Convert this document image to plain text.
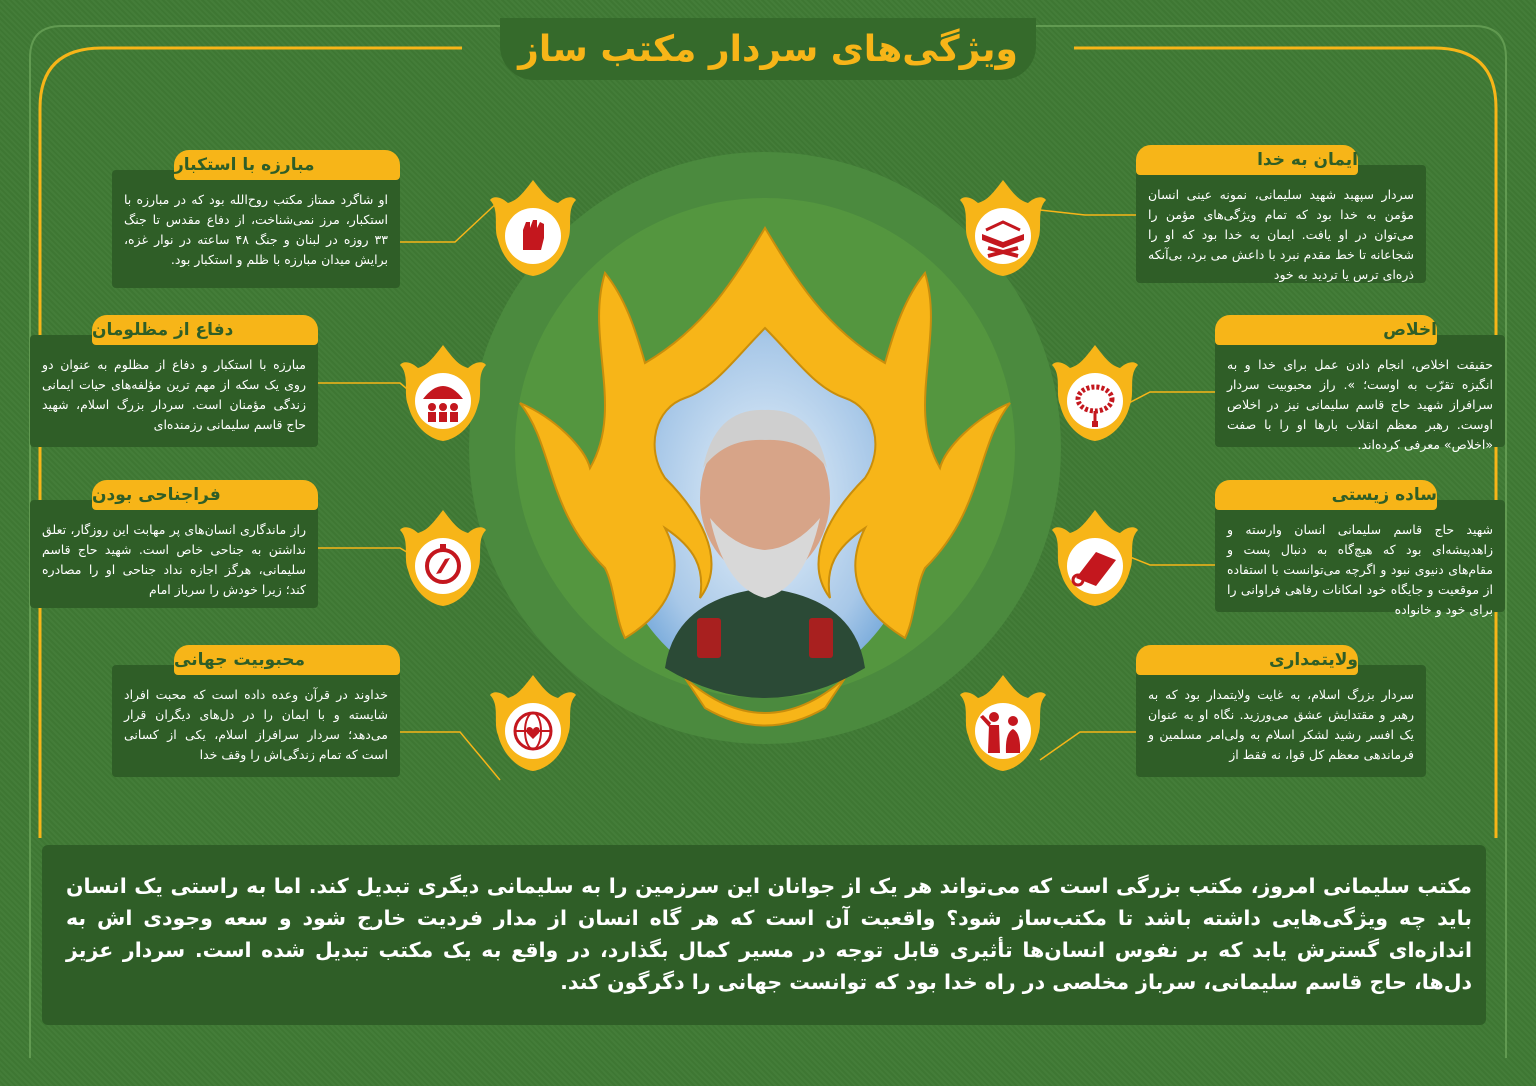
ویژگی‌های سردار مکتب ساز
مبارزه با استکبار
او شاگرد ممتاز مکتب روح‌الله بود که در مبارزه با استکبار، مرز نمی‌شناخت، از دفاع مقدس تا جنگ ۳۳ روزه در لبنان و جنگ ۴۸ ساعته در نوار غزه، برایش میدان مبارزه با ظلم و استکبار بود.
دفاع از مظلومان
مبارزه با استکبار و دفاع از مظلوم به عنوان دو روی یک سکه از مهم ترین مؤلفه‌های حیات ایمانی زندگی مؤمنان است. سردار بزرگ اسلام، شهید حاج قاسم سلیمانی رزمنده‌ای
فراجناحی بودن
راز ماندگاری انسان‌های پر مهابت این روزگار، تعلق نداشتن به جناحی خاص است. شهید حاج قاسم سلیمانی، هرگز اجازه نداد جناحی او را مصادره کند؛ زیرا خودش را سرباز امام
محبوبیت جهانی
خداوند در قرآن وعده داده است که محبت افراد شایسته و با ایمان را در دل‌های دیگران قرار می‌دهد؛ سردار سرافراز اسلام، یکی از کسانی است که تمام زندگی‌اش را وقف خدا
ایمان به خدا
سردار سپهبد شهید سلیمانی، نمونه عینی انسان مؤمن به خدا بود که تمام ویژگی‌های مؤمن را می‌توان در او یافت. ایمان به خدا بود که او را شجاعانه تا خط مقدم نبرد با داعش می برد، بی‌آنکه ذره‌ای ترس یا تردید به خود
اخلاص
حقیقت اخلاص، انجام دادن عمل برای خدا و به انگیزه تقرّب به اوست؛ ». راز محبوبیت سردار سرافراز شهید حاج قاسم سلیمانی نیز در اخلاص اوست. رهبر معظم انقلاب بارها او را با صفت «اخلاص» معرفی کرده‌اند.
ساده زیستی
شهید حاج قاسم سلیمانی انسان وارسته و زاهدپیشه‌ای بود که هیچ‌گاه به دنبال پست و مقام‌های دنیوی نبود و اگرچه می‌توانست با استفاده از موقعیت و جایگاه خود امکانات رفاهی فراوانی را برای خود و خانواده
ولایتمداری
سردار بزرگ اسلام، به غایت ولایتمدار بود که به رهبر و مقتدایش عشق می‌ورزید. نگاه او به عنوان یک افسر رشید لشکر اسلام به ولی‌امر مسلمین و فرماندهی معظم کل قوا، نه فقط از
مکتب سلیمانی امروز، مکتب بزرگی است که می‌تواند هر یک از جوانان این سرزمین را به سلیمانی دیگری تبدیل کند. اما به راستی یک انسان باید چه ویژگی‌هایی داشته باشد تا مکتب‌ساز شود؟ واقعیت آن است که هر گاه انسان از مدار فردیت خارج شود و سعه وجودی اش به اندازه‌ای گسترش یابد که بر نفوس انسان‌ها تأثیری قابل توجه در مسیر کمال بگذارد، در واقع به یک مکتب تبدیل شده است. سردار عزیز دل‌ها، حاج قاسم سلیمانی، سرباز مخلصی در راه خدا بود که توانست جهانی را دگرگون کند.
